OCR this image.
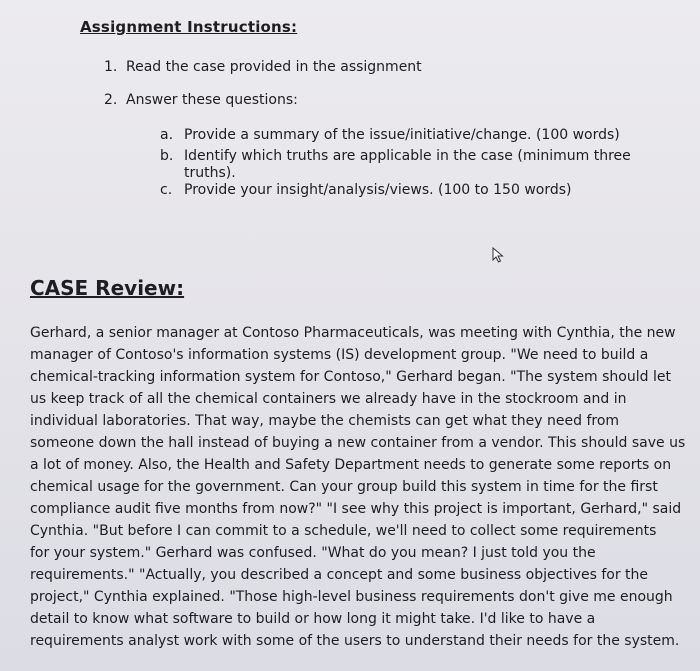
Assignment Instructions:
1. Read the case provided in the assignment
2. Answer these questions:
a. Provide a summary of the issue/initiative/change. (100 words)
b. Identify which truths are applicable in the case (minimum three
truths).
c. Provide your insight/analysis/views. (100 to 150 words)
CASE Review:
Gerhard, a senior manager at Contoso Pharmaceuticals, was meeting with Cynthia, the new
manager of Contoso's information systems (IS) development group. "We need to build a
chemical-tracking information system for Contoso," Gerhard began. "The system should let
us keep track of all the chemical containers we already have in the stockroom and in
individual laboratories. That way, maybe the chemists can get what they need from
someone down the hall instead of buying a new container from a vendor. This should save us
a lot of money. Also, the Health and Safety Department needs to generate some reports on
chemical usage for the government. Can your group build this system in time for the first
compliance audit five months from now?" "I see why this project is important, Gerhard," said
Cynthia. "But before I can commit to a schedule, we'll need to collect some requirements
for your system." Gerhard was confused. "What do you mean? I just told you the
requirements." "Actually, you described a concept and some business objectives for the
project," Cynthia explained. "Those high-level business requirements don't give me enough
detail to know what software to build or how long it might take. I'd like to have a
requirements analyst work with some of the users to understand their needs for the system.
